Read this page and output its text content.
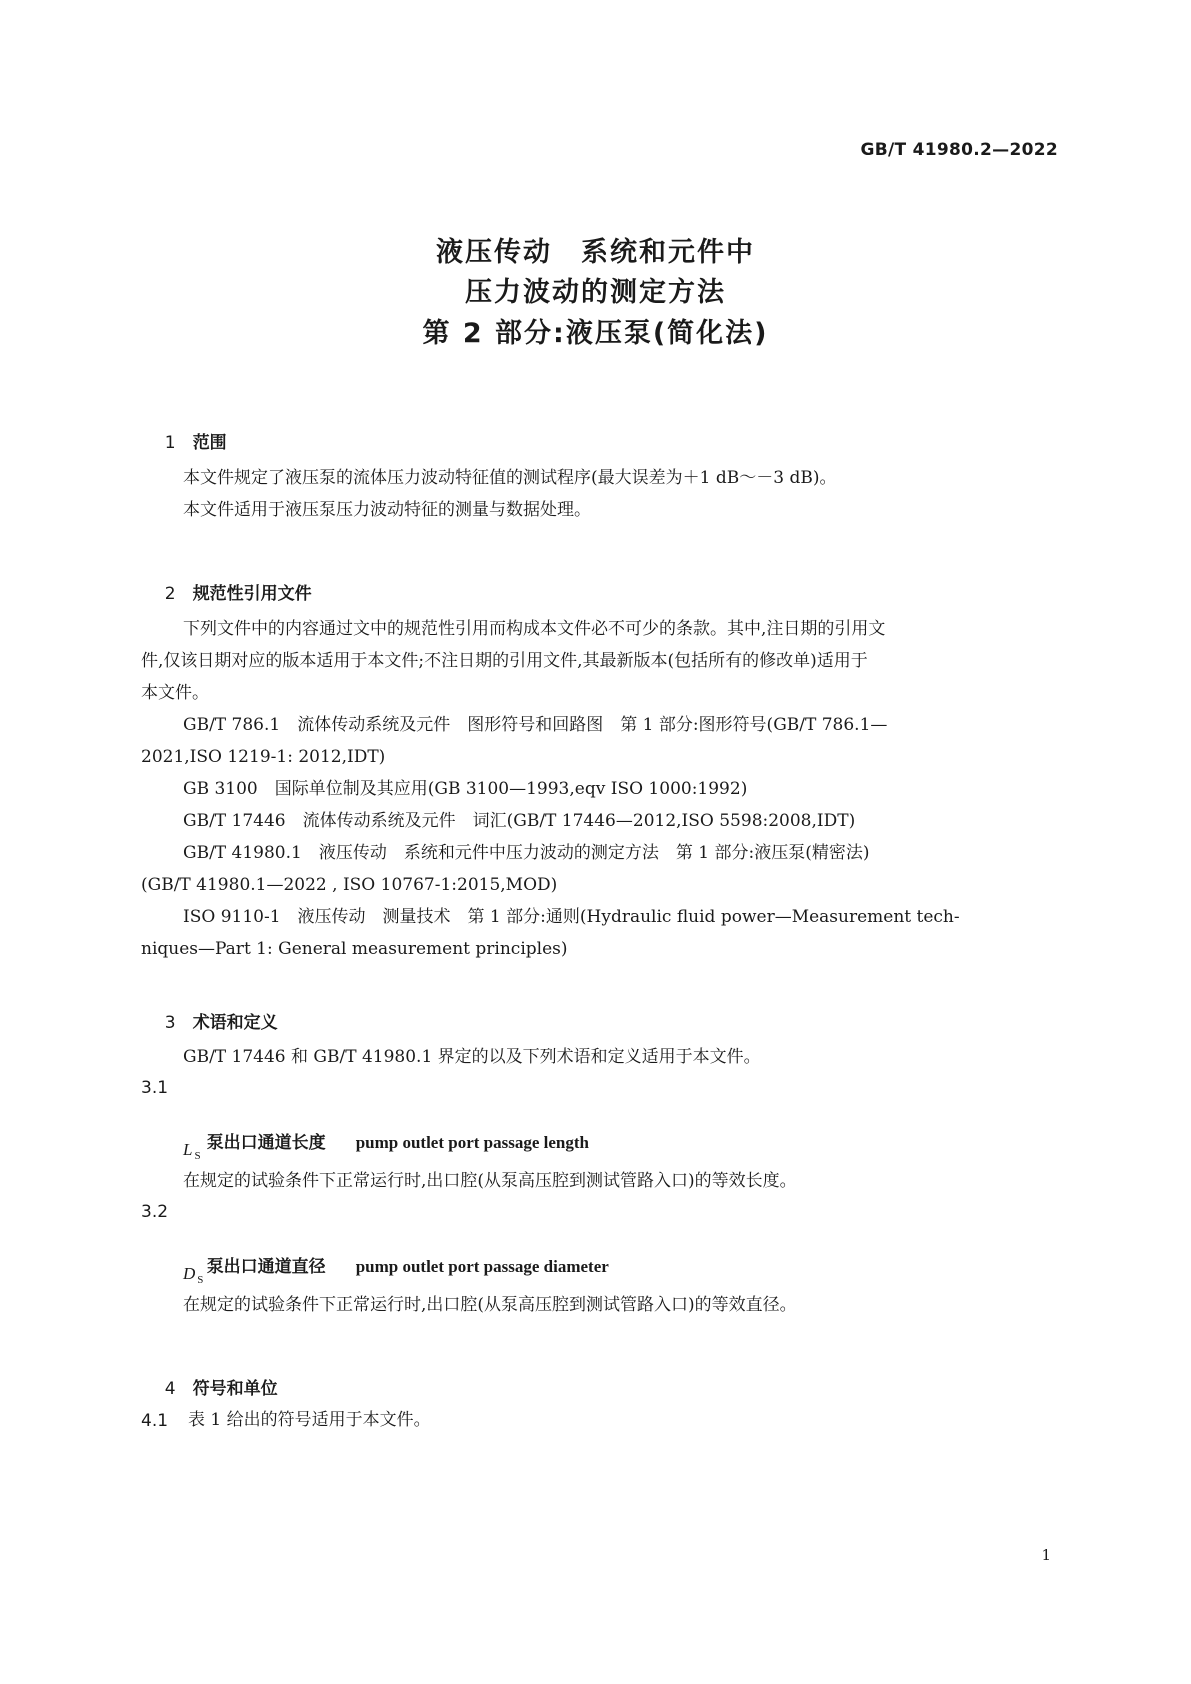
GB/T 41980.2—2022
液压传动　系统和元件中
压力波动的测定方法
第 2 部分:液压泵(简化法)

1 范围

本文件规定了液压泵的流体压力波动特征值的测试程序(最大误差为＋1 dB～－3 dB)。
本文件适用于液压泵压力波动特征的测量与数据处理。

2 规范性引用文件

下列文件中的内容通过文中的规范性引用而构成本文件必不可少的条款。其中,注日期的引用文
件,仅该日期对应的版本适用于本文件;不注日期的引用文件,其最新版本(包括所有的修改单)适用于
本文件。
GB/T 786.1　流体传动系统及元件　图形符号和回路图　第 1 部分:图形符号(GB/T 786.1—
2021,ISO 1219-1: 2012,IDT)
GB 3100　国际单位制及其应用(GB 3100—1993,eqv ISO 1000:1992)
GB/T 17446　流体传动系统及元件　词汇(GB/T 17446—2012,ISO 5598:2008,IDT)
GB/T 41980.1　液压传动　系统和元件中压力波动的测定方法　第 1 部分:液压泵(精密法)
(GB/T 41980.1—2022 , ISO 10767-1:2015,MOD)
ISO 9110-1　液压传动　测量技术　第 1 部分:通则(Hydraulic fluid power—Measurement tech-
niques—Part 1: General measurement principles)

3 术语和定义

GB/T 17446 和 GB/T 41980.1 界定的以及下列术语和定义适用于本文件。
3.1

泵出口通道长度 pump outlet port passage length

L $_S$
在规定的试验条件下正常运行时,出口腔(从泵高压腔到测试管路入口)的等效长度。
3.2

泵出口通道直径 pump outlet port passage diameter

D $_S$
在规定的试验条件下正常运行时,出口腔(从泵高压腔到测试管路入口)的等效直径。

4 符号和单位

4.1 表 1 给出的符号适用于本文件。
1
